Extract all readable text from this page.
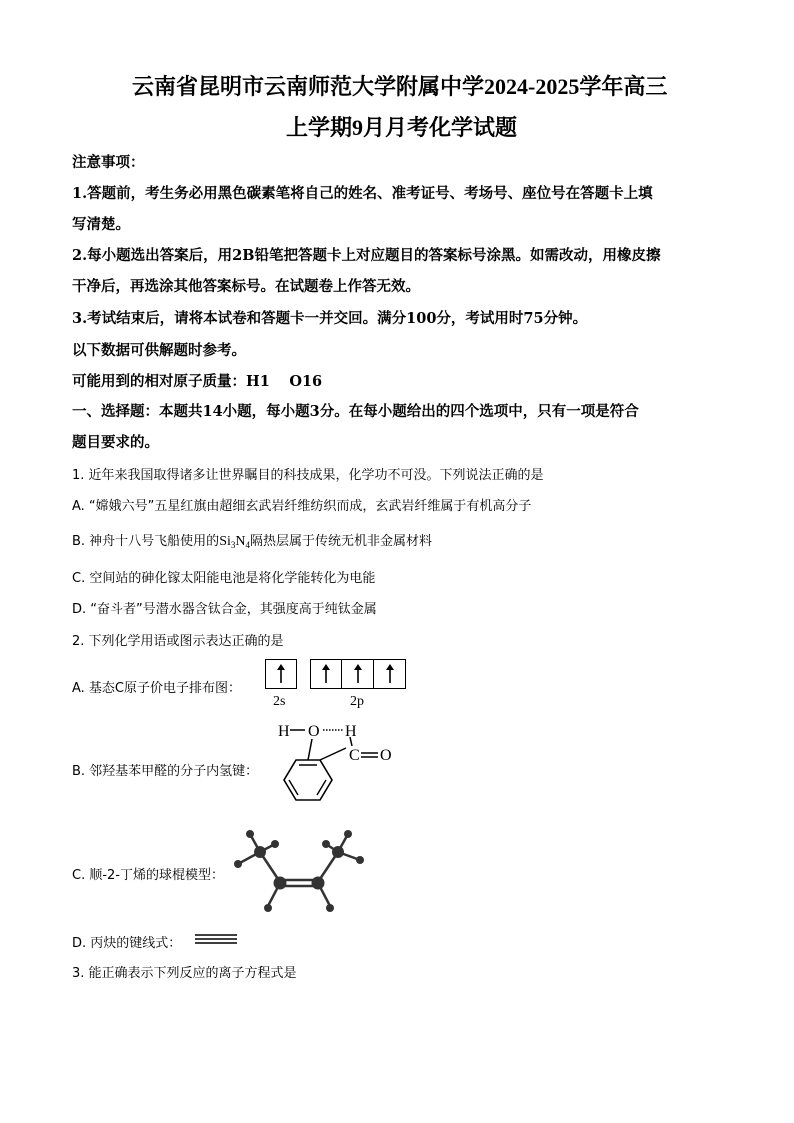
云南省昆明市云南师范大学附属中学2024-2025学年高三
上学期9月月考化学试题
注意事项：
1.答题前，考生务必用黑色碳素笔将自己的姓名、准考证号、考场号、座位号在答题卡上填
写清楚。
2.每小题选出答案后，用2B铅笔把答题卡上对应题目的答案标号涂黑。如需改动，用橡皮擦
干净后，再选涂其他答案标号。在试题卷上作答无效。
3.考试结束后，请将本试卷和答题卡一并交回。满分100分，考试用时75分钟。
以下数据可供解题时参考。
可能用到的相对原子质量：H1　 O16
一、选择题：本题共14小题，每小题3分。在每小题给出的四个选项中，只有一项是符合
题目要求的。
1. 近年来我国取得诸多让世界瞩目的科技成果，化学功不可没。下列说法正确的是
A. “嫦娥六号”五星红旗由超细玄武岩纤维纺织而成，玄武岩纤维属于有机高分子
B. 神舟十八号飞船使用的$Si_3N_4$隔热层属于传统无机非金属材料
C. 空间站的砷化镓太阳能电池是将化学能转化为电能
D. “奋斗者”号潜水器含钛合金，其强度高于纯钛金属
2. 下列化学用语或图示表达正确的是
A. 基态C原子价电子排布图：
2s	2p
B. 邻羟基苯甲醛的分子内氢键：
H O H
C O
C. 顺-2-丁烯的球棍模型：
D. 丙炔的键线式：
3. 能正确表示下列反应的离子方程式是
